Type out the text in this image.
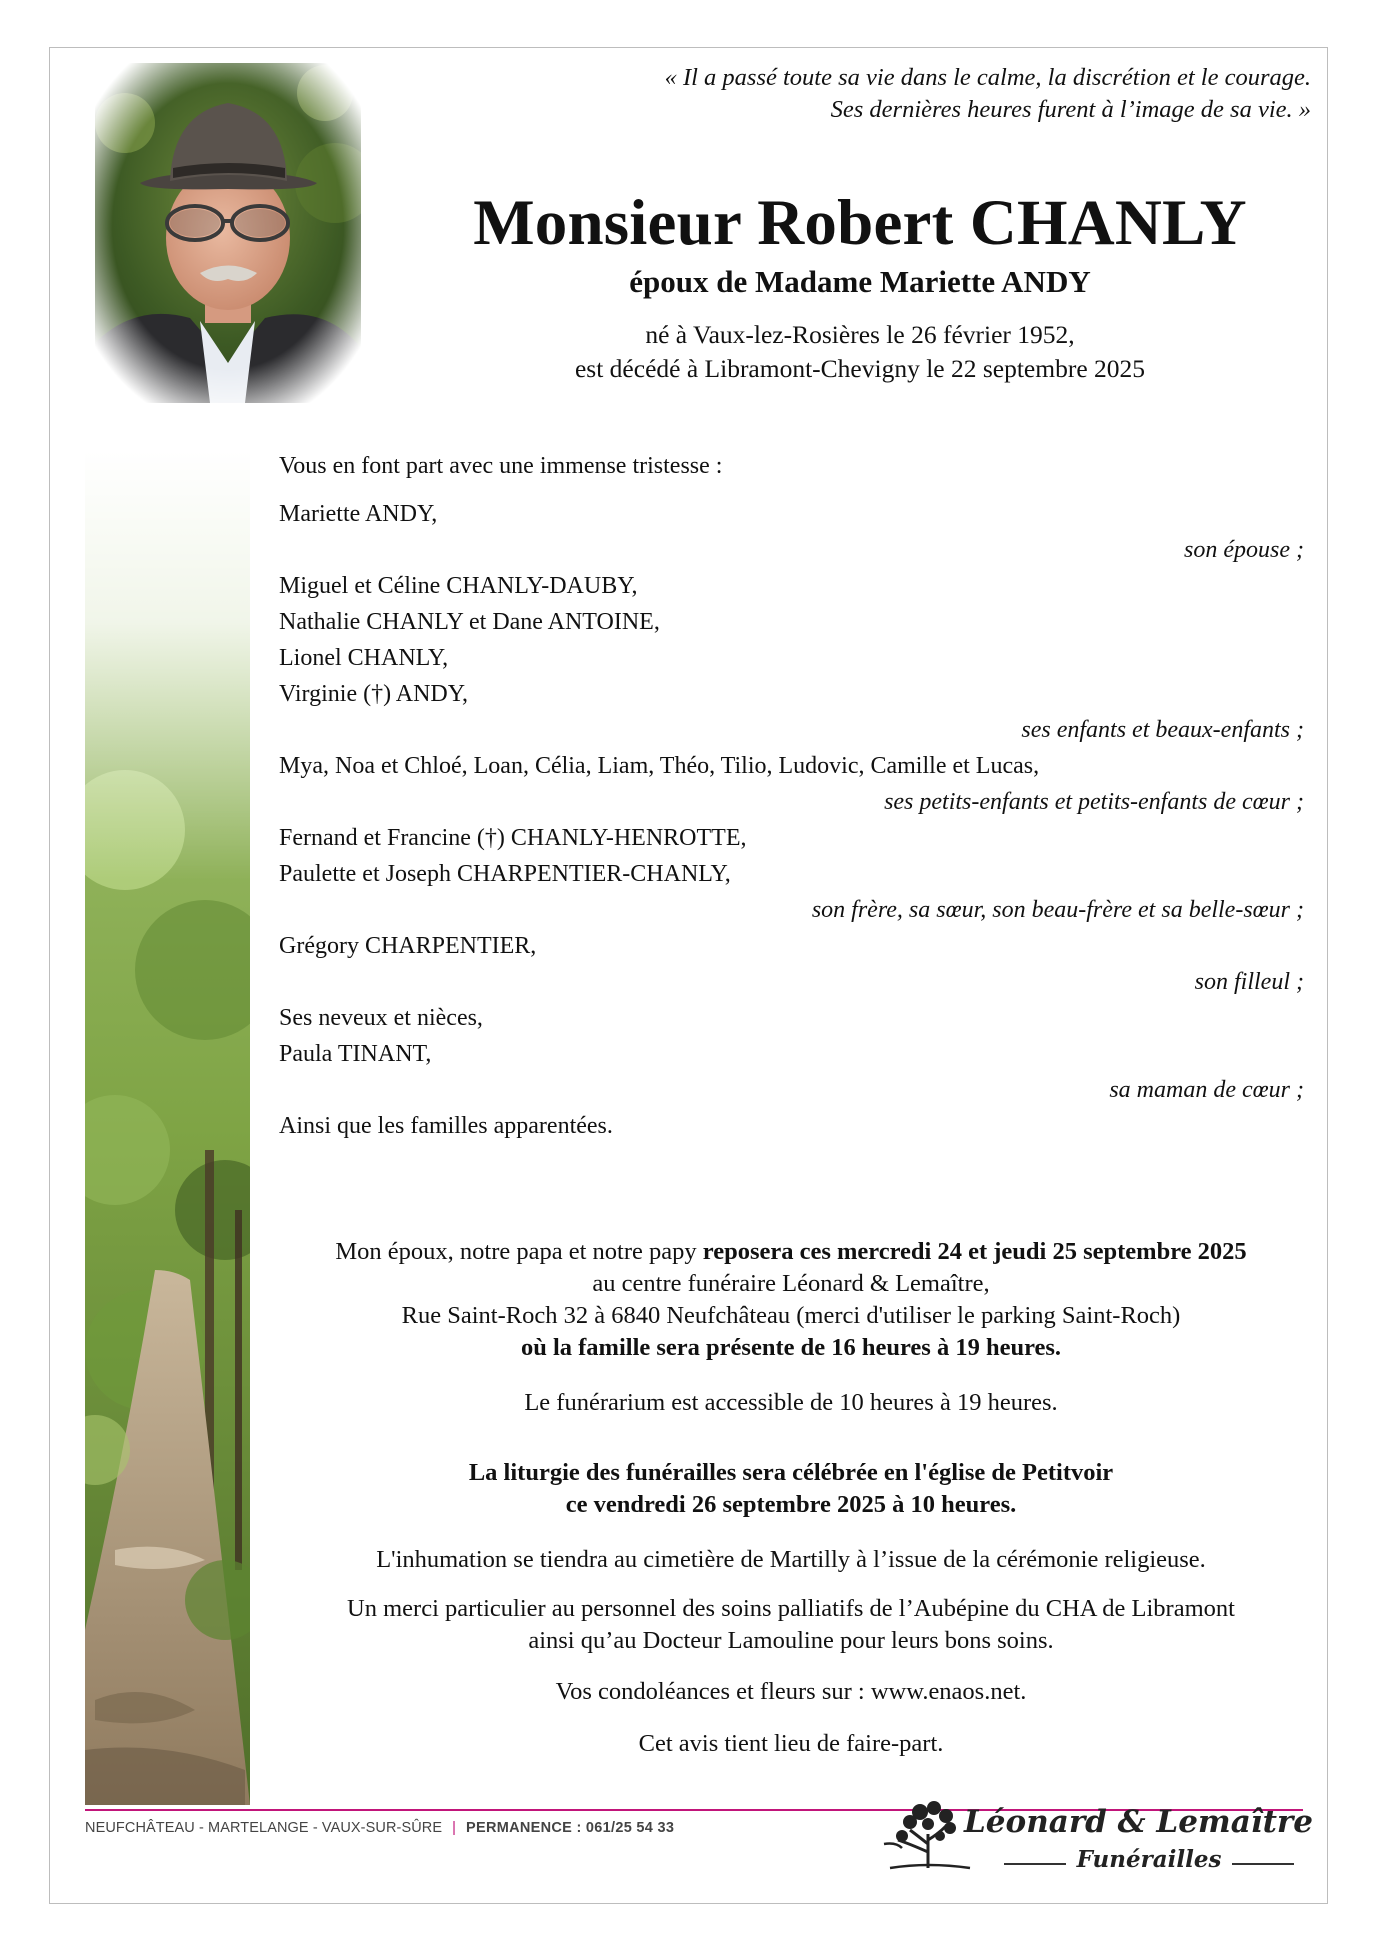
« Il a passé toute sa vie dans le calme, la discrétion et le courage.
Ses dernières heures furent à l’image de sa vie. »
Monsieur Robert CHANLY
époux de Madame Mariette ANDY
né à Vaux-lez-Rosières le 26 février 1952,
est décédé à Libramont-Chevigny le 22 septembre 2025
Vous en font part avec une immense tristesse :
Mariette ANDY,
son épouse ;
Miguel et Céline CHANLY-DAUBY,
Nathalie CHANLY et Dane ANTOINE,
Lionel CHANLY,
Virginie (†) ANDY,
ses enfants et beaux-enfants ;
Mya, Noa et Chloé, Loan, Célia, Liam, Théo, Tilio, Ludovic, Camille et Lucas,
ses petits-enfants et petits-enfants de cœur ;
Fernand et Francine (†) CHANLY-HENROTTE,
Paulette et Joseph CHARPENTIER-CHANLY,
son frère, sa sœur, son beau-frère et sa belle-sœur ;
Grégory CHARPENTIER,
son filleul ;
Ses neveux et nièces,
Paula TINANT,
sa maman de cœur ;
Ainsi que les familles apparentées.
Mon époux, notre papa et notre papy reposera ces mercredi 24 et jeudi 25 septembre 2025
au centre funéraire Léonard & Lemaître,
Rue Saint-Roch 32 à 6840 Neufchâteau (merci d'utiliser le parking Saint-Roch)
où la famille sera présente de 16 heures à 19 heures.
Le funérarium est accessible de 10 heures à 19 heures.
La liturgie des funérailles sera célébrée en l'église de Petitvoir
ce vendredi 26 septembre 2025 à 10 heures.
L'inhumation se tiendra au cimetière de Martilly à l’issue de la cérémonie religieuse.
Un merci particulier au personnel des soins palliatifs de l’Aubépine du CHA de Libramont
ainsi qu’au Docteur Lamouline pour leurs bons soins.
Vos condoléances et fleurs sur : www.enaos.net.
Cet avis tient lieu de faire-part.
NEUFCHÂTEAU - MARTELANGE - VAUX-SUR-SÛRE | PERMANENCE : 061/25 54 33	Léonard & Lemaître
Funérailles
